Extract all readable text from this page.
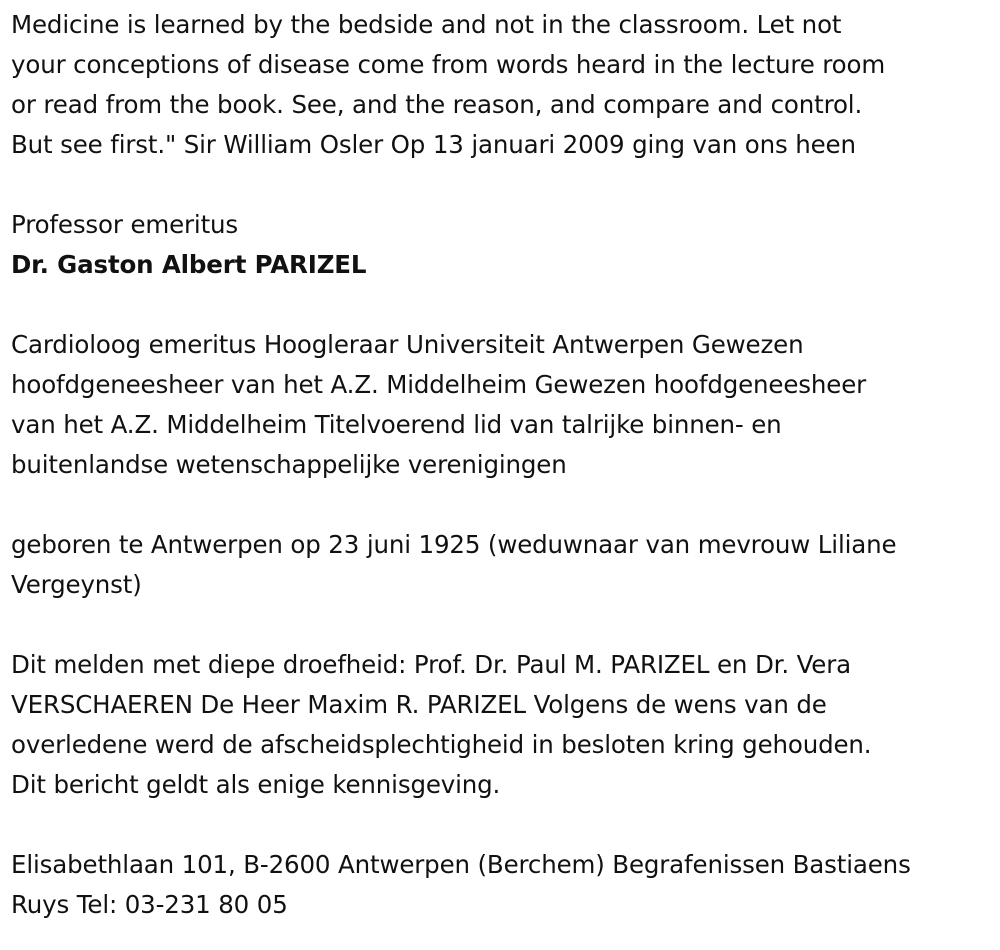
Medicine is learned by the bedside and not in the classroom. Let not
your conceptions of disease come from words heard in the lecture room
or read from the book. See, and the reason, and compare and control.
But see first." Sir William Osler Op 13 januari 2009 ging van ons heen
Professor emeritus
Dr. Gaston Albert PARIZEL
Cardioloog emeritus Hoogleraar Universiteit Antwerpen Gewezen
hoofdgeneesheer van het A.Z. Middelheim Gewezen hoofdgeneesheer
van het A.Z. Middelheim Titelvoerend lid van talrijke binnen- en
buitenlandse wetenschappelijke verenigingen
geboren te Antwerpen op 23 juni 1925 (weduwnaar van mevrouw Liliane
Vergeynst)
Dit melden met diepe droefheid: Prof. Dr. Paul M. PARIZEL en Dr. Vera
VERSCHAEREN De Heer Maxim R. PARIZEL Volgens de wens van de
overledene werd de afscheidsplechtigheid in besloten kring gehouden.
Dit bericht geldt als enige kennisgeving.
Elisabethlaan 101, B-2600 Antwerpen (Berchem) Begrafenissen Bastiaens
Ruys Tel: 03-231 80 05
